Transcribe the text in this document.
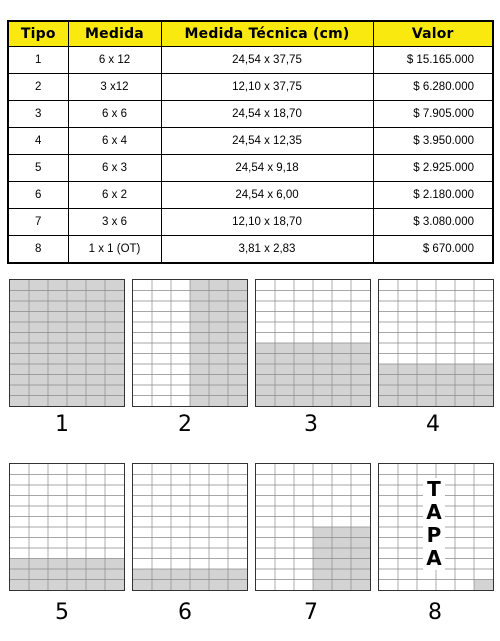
Tipo	Medida	Medida Técnica (cm)	Valor
1	6 x 12	24,54 x 37,75	$ 15.165.000
2	3 x12	12,10 x 37,75	$ 6.280.000
3	6 x 6	24,54 x 18,70	$ 7.905.000
4	6 x 4	24,54 x 12,35	$ 3.950.000
5	6 x 3	24,54 x 9,18	$ 2.925.000
6	6 x 2	24,54 x 6,00	$ 2.180.000
7	3 x 6	12,10 x 18,70	$ 3.080.000
8	1 x 1 (OT)	3,81 x 2,83	$ 670.000
T
A
P
A
1	2	3	4
5	6	7	8
